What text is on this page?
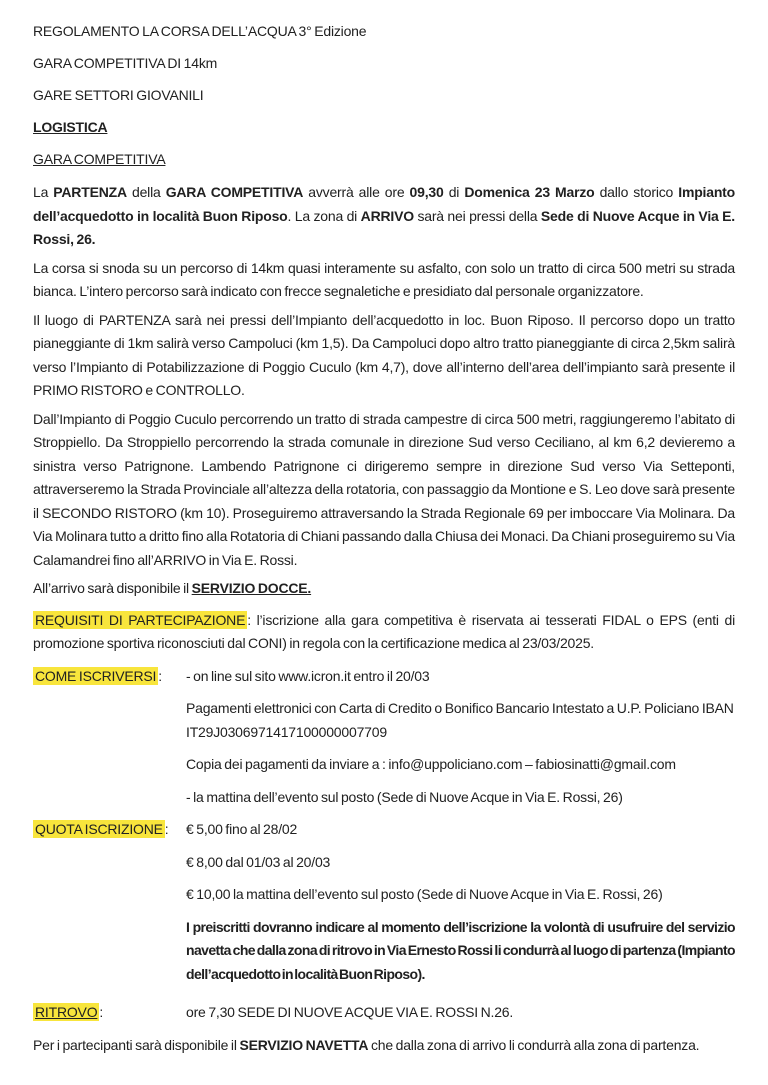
REGOLAMENTO LA CORSA DELL’ACQUA 3° Edizione

GARA COMPETITIVA DI 14km

GARE SETTORI GIOVANILI

LOGISTICA

GARA COMPETITIVA

La PARTENZA della GARA COMPETITIVA avverrà alle ore 09,30 di Domenica 23 Marzo dallo storico Impianto dell’acquedotto in località Buon Riposo. La zona di ARRIVO sarà nei pressi della Sede di Nuove Acque in Via E. Rossi, 26.

La corsa si snoda su un percorso di 14km quasi interamente su asfalto, con solo un tratto di circa 500 metri su strada bianca. L’intero percorso sarà indicato con frecce segnaletiche e presidiato dal personale organizzatore.

Il luogo di PARTENZA sarà nei pressi dell’Impianto dell’acquedotto in loc. Buon Riposo. Il percorso dopo un tratto pianeggiante di 1km salirà verso Campoluci (km 1,5). Da Campoluci dopo altro tratto pianeggiante di circa 2,5km salirà verso l’Impianto di Potabilizzazione di Poggio Cuculo (km 4,7), dove all’interno dell’area dell’impianto sarà presente il PRIMO RISTORO e CONTROLLO.

Dall’Impianto di Poggio Cuculo percorrendo un tratto di strada campestre di circa 500 metri, raggiungeremo l’abitato di Stroppiello. Da Stroppiello percorrendo la strada comunale in direzione Sud verso Ceciliano, al km 6,2 devieremo a sinistra verso Patrignone. Lambendo Patrignone ci dirigeremo sempre in direzione Sud verso Via Setteponti, attraverseremo la Strada Provinciale all’altezza della rotatoria, con passaggio da Montione e S. Leo dove sarà presente il SECONDO RISTORO (km 10). Proseguiremo attraversando la Strada Regionale 69 per imboccare Via Molinara. Da Via Molinara tutto a dritto fino alla Rotatoria di Chiani passando dalla Chiusa dei Monaci. Da Chiani proseguiremo su Via Calamandrei fino all’ARRIVO in Via E. Rossi.

All’arrivo sarà disponibile il SERVIZIO DOCCE.

REQUISITI DI PARTECIPAZIONE : l’iscrizione alla gara competitiva è riservata ai tesserati FIDAL o EPS (enti di promozione sportiva riconosciuti dal CONI) in regola con la certificazione medica al 23/03/2025.

COME ISCRIVERSI :	- on line sul sito www.icron.it entro il 20/03

Pagamenti elettronici con Carta di Credito o Bonifico Bancario Intestato a U.P. Policiano IBAN IT29J0306971417100000007709

Copia dei pagamenti da inviare a : info@uppoliciano.com – fabiosinatti@gmail.com

- la mattina dell’evento sul posto (Sede di Nuove Acque in Via E. Rossi, 26)

QUOTA ISCRIZIONE :	€ 5,00 fino al 28/02

€ 8,00 dal 01/03 al 20/03

€ 10,00 la mattina dell’evento sul posto (Sede di Nuove Acque in Via E. Rossi, 26)

I preiscritti dovranno indicare al momento dell’iscrizione la volontà di usufruire del servizio navetta che dalla zona di ritrovo in Via Ernesto Rossi li condurrà al luogo di partenza (Impianto dell’acquedotto in località Buon Riposo).

RITROVO :	ore 7,30 SEDE DI NUOVE ACQUE VIA E. ROSSI N.26.

Per i partecipanti sarà disponibile il SERVIZIO NAVETTA che dalla zona di arrivo li condurrà alla zona di partenza.
